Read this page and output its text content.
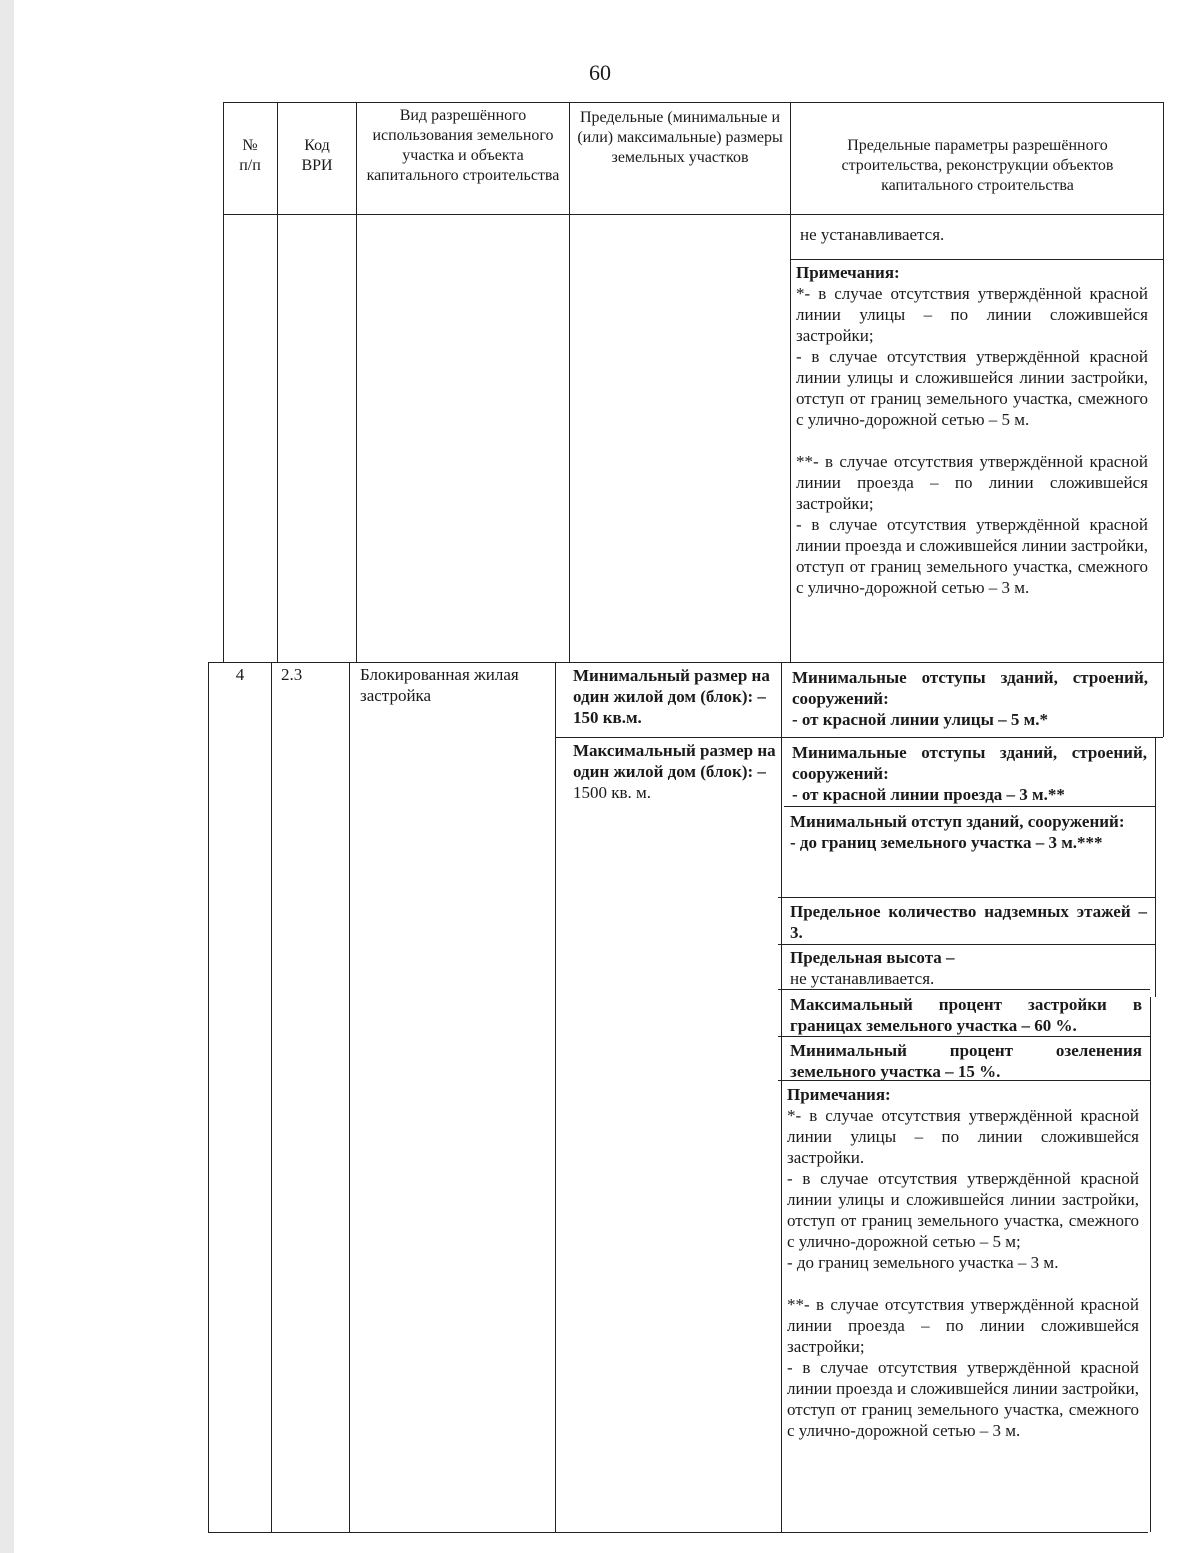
60
№
п/п
Код
ВРИ
Вид разрешённого использования земельного участка и объекта капитального строительства
Предельные (минимальные и (или) максимальные) размеры земельных участков
Предельные параметры разрешённого строительства, реконструкции объектов капитального строительства
не устанавливается.

Примечания:

*- в случае отсутствия утверждённой красной линии улицы – по линии сложившейся застройки;

- в случае отсутствия утверждённой красной линии улицы и сложившейся линии застройки, отступ от границ земельного участка, смежного с улично-дорожной сетью – 5 м.

**- в случае отсутствия утверждённой красной линии проезда – по линии сложившейся застройки;

- в случае отсутствия утверждённой красной линии проезда и сложившейся линии застройки, отступ от границ земельного участка, смежного с улично-дорожной сетью – 3 м.

4	2.3	Блокированная жилая застройка
Минимальный размер на один жилой дом (блок): –150 кв.м.

Максимальный размер на один жилой дом (блок): –

1500 кв. м.

Минимальные отступы зданий, строений, сооружений:

- от красной линии улицы – 5 м.*

Минимальные отступы зданий, строений, сооружений:

- от красной линии проезда – 3 м.**

Минимальный отступ зданий, сооружений:

- до границ земельного участка – 3 м.***

Предельное количество надземных этажей – 3.

Предельная высота –

не устанавливается.

Максимальный процент застройки в границах земельного участка – 60 %.
Минимальный процент озеленения земельного участка – 15 %.

Примечания:

*- в случае отсутствия утверждённой красной линии улицы – по линии сложившейся застройки.

- в случае отсутствия утверждённой красной линии улицы и сложившейся линии застройки, отступ от границ земельного участка, смежного с улично-дорожной сетью – 5 м;

- до границ земельного участка – 3 м.

**- в случае отсутствия утверждённой красной линии проезда – по линии сложившейся застройки;

- в случае отсутствия утверждённой красной линии проезда и сложившейся линии застройки, отступ от границ земельного участка, смежного с улично-дорожной сетью – 3 м.
